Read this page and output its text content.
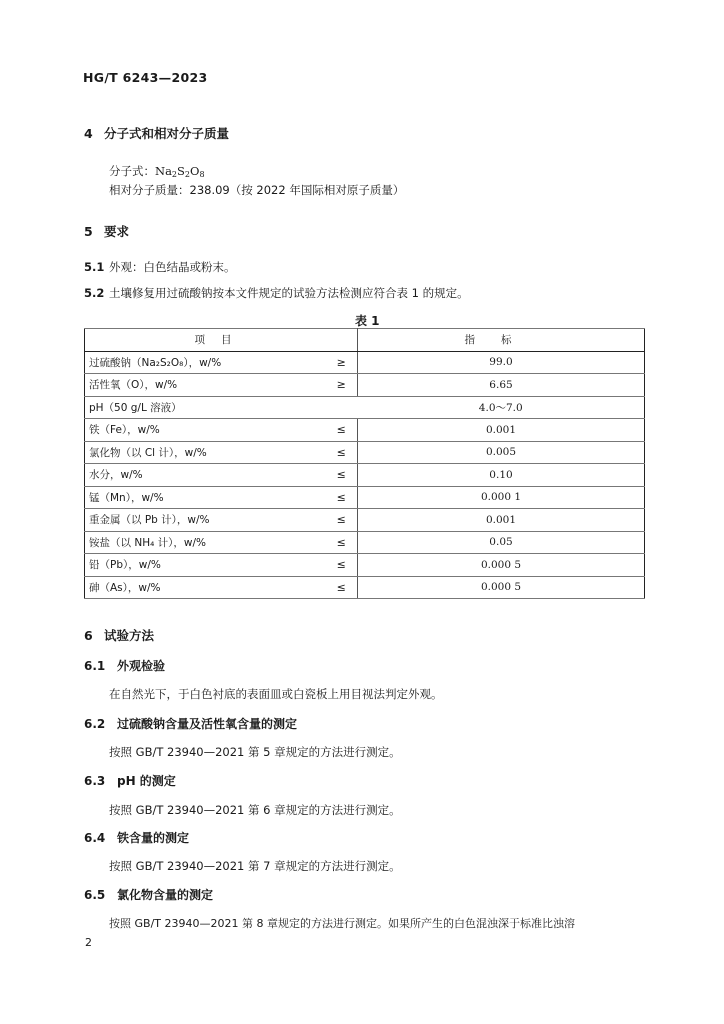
HG/T 6243—2023
4 分子式和相对分子质量
分子式：$Na_2S_2O_8$
相对分子质量：238.09（按 2022 年国际相对原子质量）
5 要求
5.1 外观：白色结晶或粉末。
5.2 土壤修复用过硫酸钠按本文件规定的试验方法检测应符合表 1 的规定。
表 1
项目		指标
过硫酸钠（Na₂S₂O₈），w/%	≥	99.0
活性氧（O），w/%	≥	6.65
pH（50 g/L 溶液）		4.0～7.0
铁（Fe），w/%	≤	0.001
氯化物（以 Cl 计），w/%	≤	0.005
水分，w/%	≤	0.10
锰（Mn），w/%	≤	0.000 1
重金属（以 Pb 计），w/%	≤	0.001
铵盐（以 NH₄ 计），w/%	≤	0.05
铅（Pb），w/%	≤	0.000 5
砷（As），w/%	≤	0.000 5
6 试验方法
6.1 外观检验
在自然光下，于白色衬底的表面皿或白瓷板上用目视法判定外观。
6.2 过硫酸钠含量及活性氧含量的测定
按照 GB/T 23940—2021 第 5 章规定的方法进行测定。
6.3 pH 的测定
按照 GB/T 23940—2021 第 6 章规定的方法进行测定。
6.4 铁含量的测定
按照 GB/T 23940—2021 第 7 章规定的方法进行测定。
6.5 氯化物含量的测定
按照 GB/T 23940—2021 第 8 章规定的方法进行测定。如果所产生的白色混浊深于标准比浊溶
2
